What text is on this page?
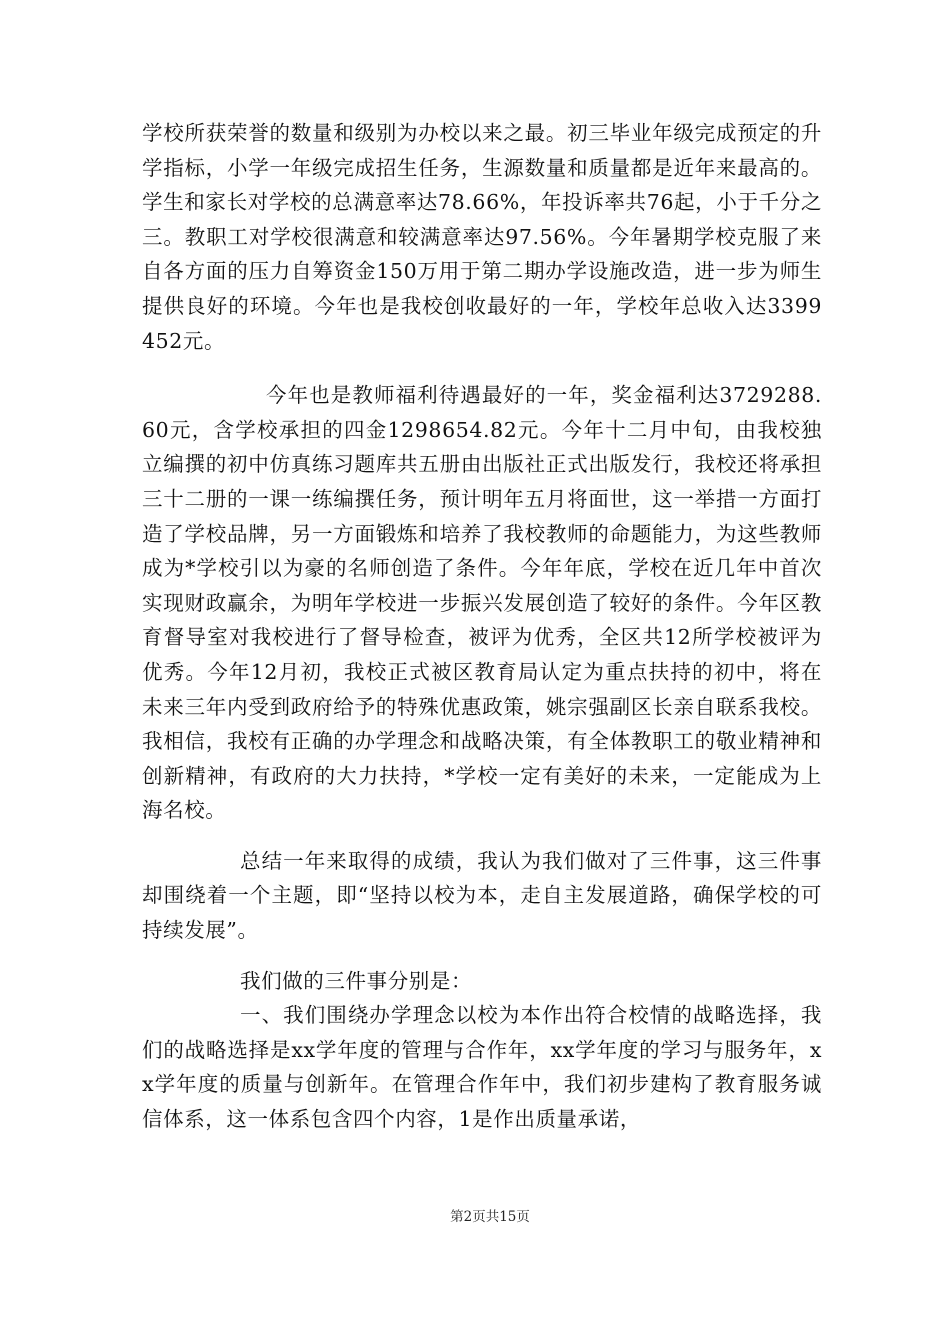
学校所获荣誉的数量和级别为办校以来之最。初三毕业年级完成预定的升学指标，小学一年级完成招生任务，生源数量和质量都是近年来最高的。学生和家长对学校的总满意率达78.66%，年投诉率共76起，小于千分之三。教职工对学校很满意和较满意率达97.56%。今年暑期学校克服了来自各方面的压力自筹资金150万用于第二期办学设施改造，进一步为师生提供良好的环境。今年也是我校创收最好的一年，学校年总收入达3399452元。

今年也是教师福利待遇最好的一年，奖金福利达3729288.60元，含学校承担的四金1298654.82元。今年十二月中旬，由我校独立编撰的初中仿真练习题库共五册由出版社正式出版发行，我校还将承担三十二册的一课一练编撰任务，预计明年五月将面世，这一举措一方面打造了学校品牌，另一方面锻炼和培养了我校教师的命题能力，为这些教师成为*学校引以为豪的名师创造了条件。今年年底，学校在近几年中首次实现财政赢余，为明年学校进一步振兴发展创造了较好的条件。今年区教育督导室对我校进行了督导检查，被评为优秀，全区共12所学校被评为优秀。今年12月初，我校正式被区教育局认定为重点扶持的初中，将在未来三年内受到政府给予的特殊优惠政策，姚宗强副区长亲自联系我校。我相信，我校有正确的办学理念和战略决策，有全体教职工的敬业精神和创新精神，有政府的大力扶持，*学校一定有美好的未来，一定能成为上海名校。

总结一年来取得的成绩，我认为我们做对了三件事，这三件事却围绕着一个主题，即“坚持以校为本，走自主发展道路，确保学校的可持续发展”。

我们做的三件事分别是：

一、我们围绕办学理念以校为本作出符合校情的战略选择，我们的战略选择是xx学年度的管理与合作年，xx学年度的学习与服务年，xx学年度的质量与创新年。在管理合作年中，我们初步建构了教育服务诚信体系，这一体系包含四个内容，1是作出质量承诺，

第2页共15页
